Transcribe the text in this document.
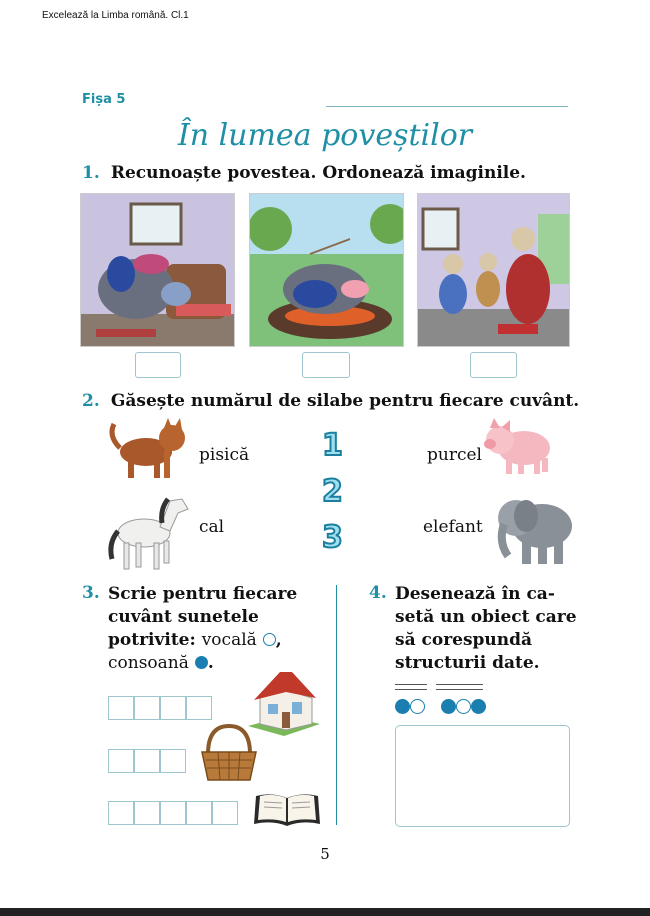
Excelează la Limba română. Cl.1
Fișa 5
În lumea poveștilor
1. Recunoaște povestea. Ordonează imaginile.
2. Găsește numărul de silabe pentru fiecare cuvânt.
pisică
cal
1
2
3
purcel
elefant
3. Scrie pentru fiecare
cuvânt sunetele
potrivite: vocală ,
consoană .
4. Desenează în ca-
setă un obiect care
să corespundă
structurii date.

5
